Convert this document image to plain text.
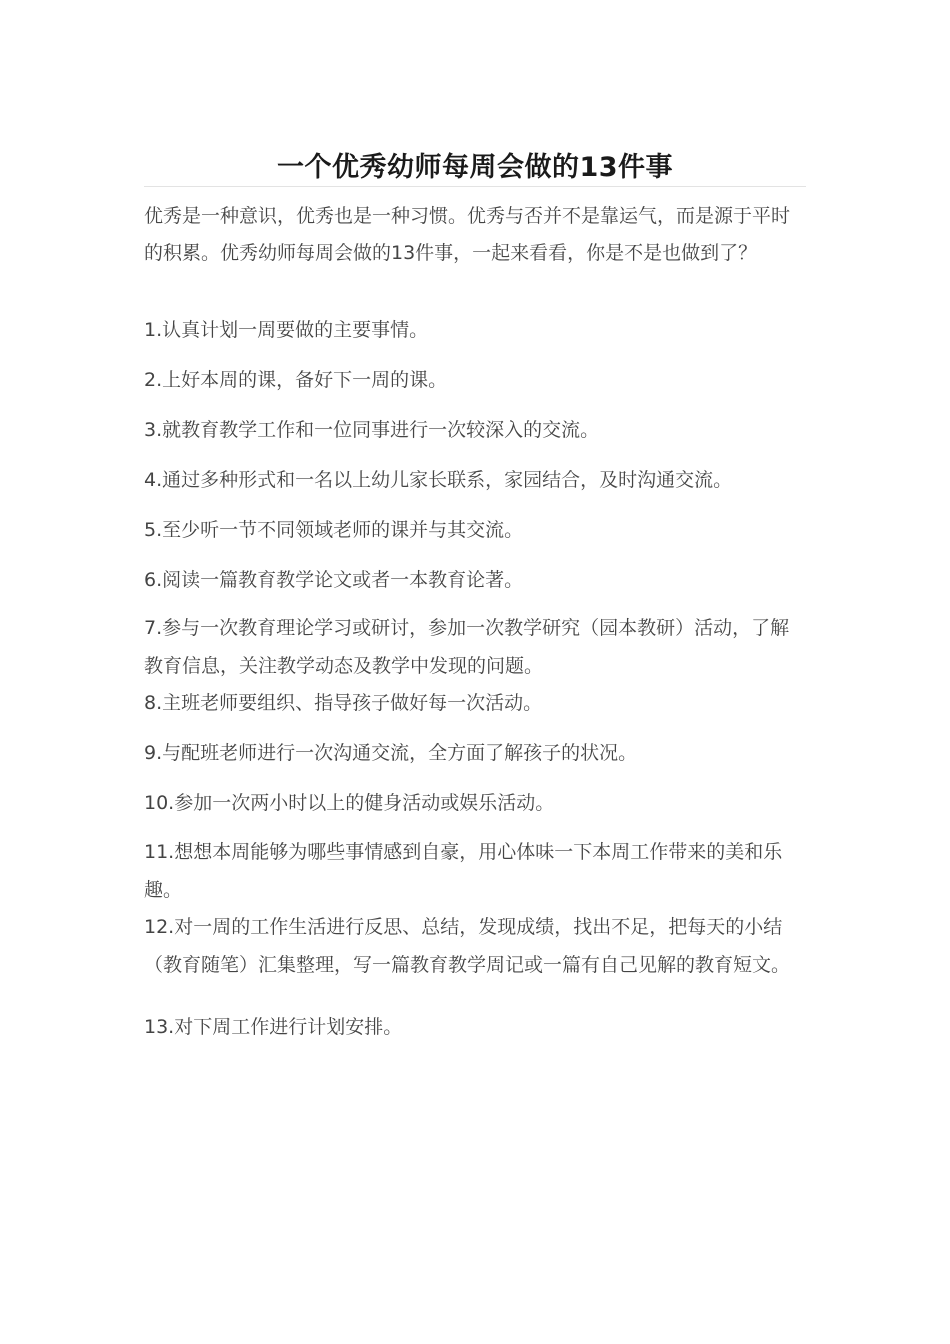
一个优秀幼师每周会做的13件事

优秀是一种意识，优秀也是一种习惯。优秀与否并不是靠运气，而是源于平时的积累。优秀幼师每周会做的13件事，一起来看看，你是不是也做到了？

1.认真计划一周要做的主要事情。

2.上好本周的课，备好下一周的课。

3.就教育教学工作和一位同事进行一次较深入的交流。

4.通过多种形式和一名以上幼儿家长联系，家园结合，及时沟通交流。

5.至少听一节不同领域老师的课并与其交流。

6.阅读一篇教育教学论文或者一本教育论著。

7.参与一次教育理论学习或研讨，参加一次教学研究（园本教研）活动，了解教育信息，关注教学动态及教学中发现的问题。

8.主班老师要组织、指导孩子做好每一次活动。

9.与配班老师进行一次沟通交流，全方面了解孩子的状况。

10.参加一次两小时以上的健身活动或娱乐活动。

11.想想本周能够为哪些事情感到自豪，用心体味一下本周工作带来的美和乐趣。

12.对一周的工作生活进行反思、总结，发现成绩，找出不足，把每天的小结（教育随笔）汇集整理，写一篇教育教学周记或一篇有自己见解的教育短文。

13.对下周工作进行计划安排。
